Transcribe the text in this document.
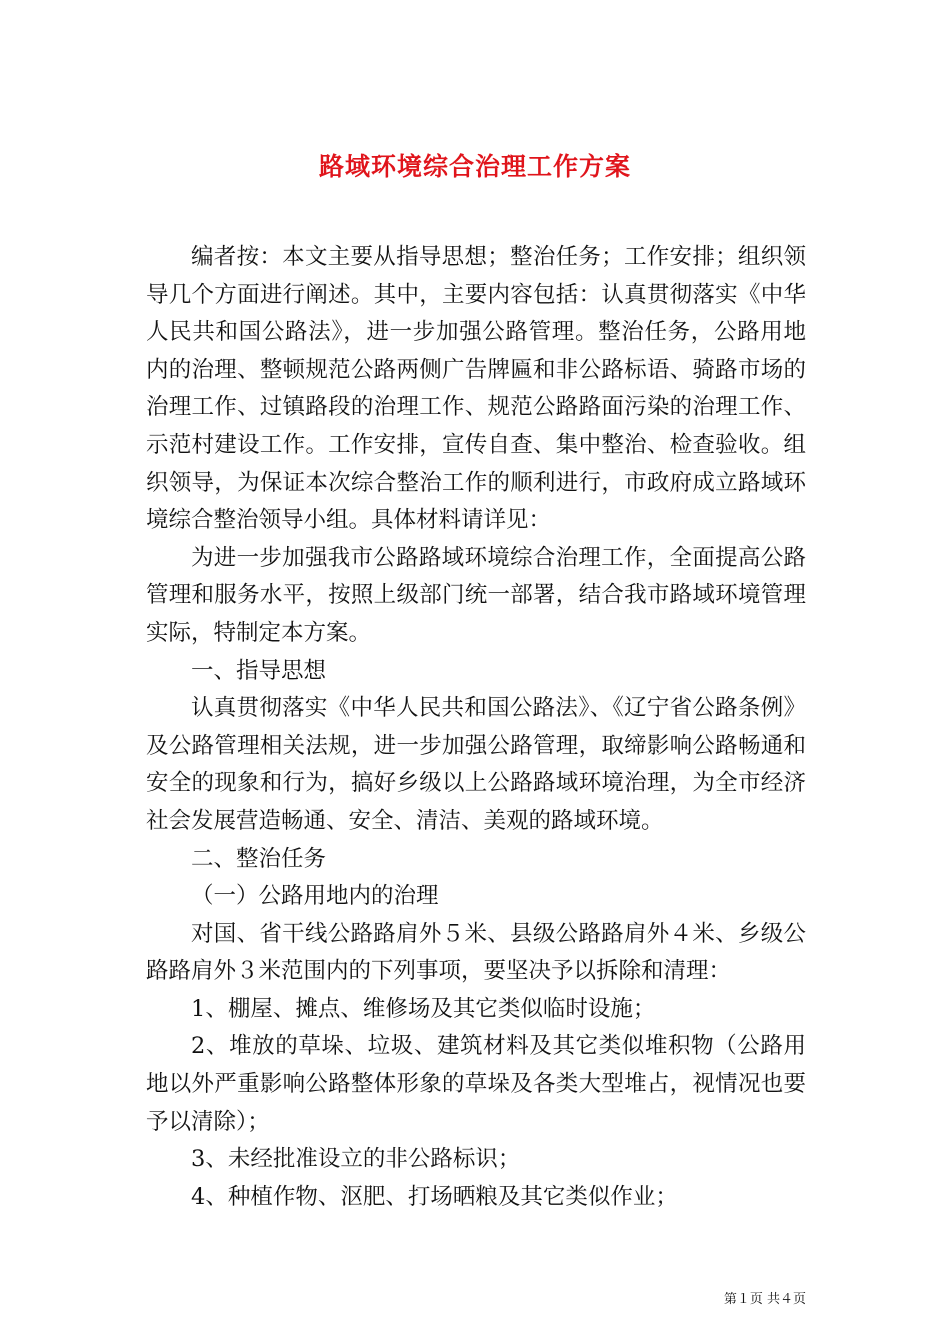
路域环境综合治理工作方案

编者按：本文主要从指导思想；整治任务；工作安排；组织领导几个方面进行阐述。其中，主要内容包括：认真贯彻落实《中华人民共和国公路法》，进一步加强公路管理。整治任务，公路用地内的治理、整顿规范公路两侧广告牌匾和非公路标语、骑路市场的治理工作、过镇路段的治理工作、规范公路路面污染的治理工作、示范村建设工作。工作安排，宣传自查、集中整治、检查验收。组织领导，为保证本次综合整治工作的顺利进行，市政府成立路域环境综合整治领导小组。具体材料请详见：

为进一步加强我市公路路域环境综合治理工作，全面提高公路管理和服务水平，按照上级部门统一部署，结合我市路域环境管理实际，特制定本方案。

一、指导思想

认真贯彻落实《中华人民共和国公路法》、《辽宁省公路条例》及公路管理相关法规，进一步加强公路管理，取缔影响公路畅通和安全的现象和行为，搞好乡级以上公路路域环境治理，为全市经济社会发展营造畅通、安全、清洁、美观的路域环境。

二、整治任务

（一）公路用地内的治理

对国、省干线公路路肩外５米、县级公路路肩外４米、乡级公路路肩外３米范围内的下列事项，要坚决予以拆除和清理：

1、棚屋、摊点、维修场及其它类似临时设施；

2、堆放的草垛、垃圾、建筑材料及其它类似堆积物（公路用地以外严重影响公路整体形象的草垛及各类大型堆占，视情况也要予以清除）；

3、未经批准设立的非公路标识；

4、种植作物、沤肥、打场晒粮及其它类似作业；

第１页 共４页
